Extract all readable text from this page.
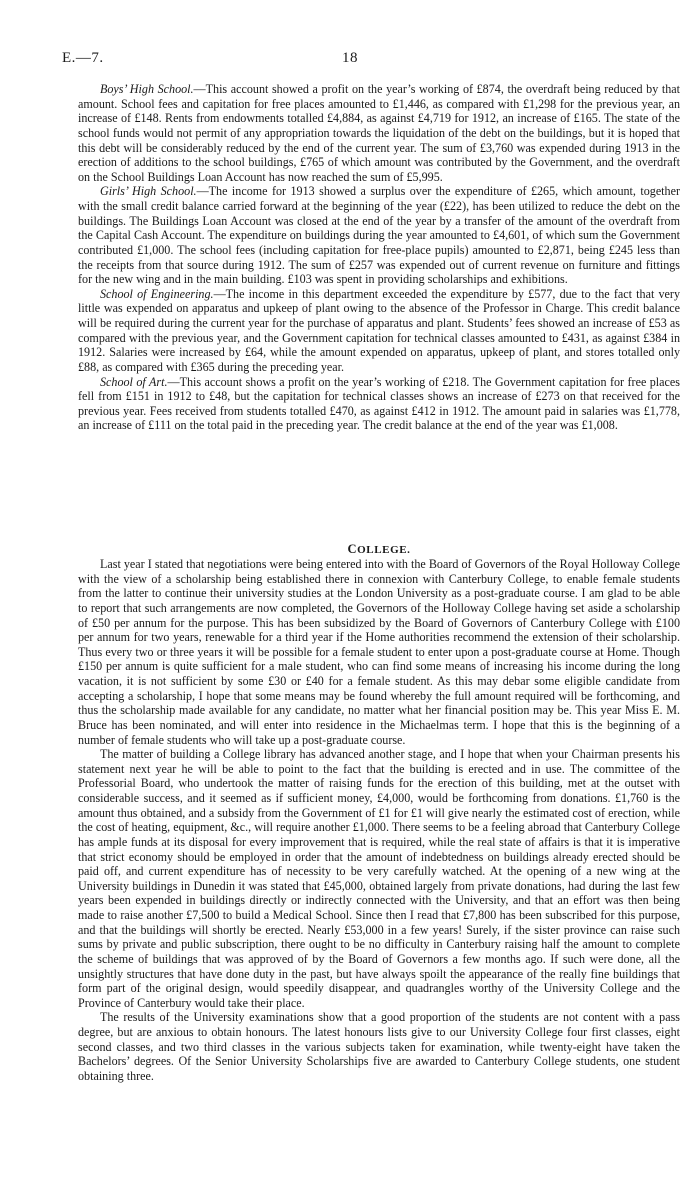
E.—7.	18

Boys’ High School.—This account showed a profit on the year’s working of £874, the overdraft being reduced by that amount. School fees and capitation for free places amounted to £1,446, as compared with £1,298 for the previous year, an increase of £148. Rents from endowments totalled £4,884, as against £4,719 for 1912, an increase of £165. The state of the school funds would not permit of any appropriation towards the liquidation of the debt on the buildings, but it is hoped that this debt will be considerably reduced by the end of the current year. The sum of £3,760 was expended during 1913 in the erection of additions to the school buildings, £765 of which amount was contributed by the Government, and the overdraft on the School Buildings Loan Account has now reached the sum of £5,995.

Girls’ High School.—The income for 1913 showed a surplus over the expenditure of £265, which amount, together with the small credit balance carried forward at the beginning of the year (£22), has been utilized to reduce the debt on the buildings. The Buildings Loan Account was closed at the end of the year by a transfer of the amount of the overdraft from the Capital Cash Account. The expenditure on buildings during the year amounted to £4,601, of which sum the Government contributed £1,000. The school fees (including capitation for free-place pupils) amounted to £2,871, being £245 less than the receipts from that source during 1912. The sum of £257 was expended out of current revenue on furniture and fittings for the new wing and in the main building. £103 was spent in providing scholarships and exhibitions.

School of Engineering.—The income in this department exceeded the expenditure by £577, due to the fact that very little was expended on apparatus and upkeep of plant owing to the absence of the Professor in Charge. This credit balance will be required during the current year for the purchase of apparatus and plant. Students’ fees showed an increase of £53 as compared with the previous year, and the Government capitation for technical classes amounted to £431, as against £384 in 1912. Salaries were increased by £64, while the amount expended on apparatus, upkeep of plant, and stores totalled only £88, as compared with £365 during the preceding year.

School of Art.—This account shows a profit on the year’s working of £218. The Government capitation for free places fell from £151 in 1912 to £48, but the capitation for technical classes shows an increase of £273 on that received for the previous year. Fees received from students totalled £470, as against £412 in 1912. The amount paid in salaries was £1,778, an increase of £111 on the total paid in the preceding year. The credit balance at the end of the year was £1,008.

COLLEGE.

Last year I stated that negotiations were being entered into with the Board of Governors of the Royal Holloway College with the view of a scholarship being established there in connexion with Canterbury College, to enable female students from the latter to continue their university studies at the London University as a post-graduate course. I am glad to be able to report that such arrangements are now completed, the Governors of the Holloway College having set aside a scholarship of £50 per annum for the purpose. This has been subsidized by the Board of Governors of Canterbury College with £100 per annum for two years, renewable for a third year if the Home authorities recommend the extension of their scholarship. Thus every two or three years it will be possible for a female student to enter upon a post-graduate course at Home. Though £150 per annum is quite sufficient for a male student, who can find some means of increasing his income during the long vacation, it is not sufficient by some £30 or £40 for a female student. As this may debar some eligible candidate from accepting a scholarship, I hope that some means may be found whereby the full amount required will be forthcoming, and thus the scholarship made available for any candidate, no matter what her financial position may be. This year Miss E. M. Bruce has been nominated, and will enter into residence in the Michaelmas term. I hope that this is the beginning of a number of female students who will take up a post-graduate course.

The matter of building a College library has advanced another stage, and I hope that when your Chairman presents his statement next year he will be able to point to the fact that the building is erected and in use. The committee of the Professorial Board, who undertook the matter of raising funds for the erection of this building, met at the outset with considerable success, and it seemed as if sufficient money, £4,000, would be forthcoming from donations. £1,760 is the amount thus obtained, and a subsidy from the Government of £1 for £1 will give nearly the estimated cost of erection, while the cost of heating, equipment, &c., will require another £1,000. There seems to be a feeling abroad that Canterbury College has ample funds at its disposal for every improvement that is required, while the real state of affairs is that it is imperative that strict economy should be employed in order that the amount of indebtedness on buildings already erected should be paid off, and current expenditure has of necessity to be very carefully watched. At the opening of a new wing at the University buildings in Dunedin it was stated that £45,000, obtained largely from private donations, had during the last few years been expended in buildings directly or indirectly connected with the University, and that an effort was then being made to raise another £7,500 to build a Medical School. Since then I read that £7,800 has been subscribed for this purpose, and that the buildings will shortly be erected. Nearly £53,000 in a few years! Surely, if the sister province can raise such sums by private and public subscription, there ought to be no difficulty in Canterbury raising half the amount to complete the scheme of buildings that was approved of by the Board of Governors a few months ago. If such were done, all the unsightly structures that have done duty in the past, but have always spoilt the appearance of the really fine buildings that form part of the original design, would speedily disappear, and quadrangles worthy of the University College and the Province of Canterbury would take their place.

The results of the University examinations show that a good proportion of the students are not content with a pass degree, but are anxious to obtain honours. The latest honours lists give to our University College four first classes, eight second classes, and two third classes in the various subjects taken for examination, while twenty-eight have taken the Bachelors’ degrees. Of the Senior University Scholarships five are awarded to Canterbury College students, one student obtaining three.
